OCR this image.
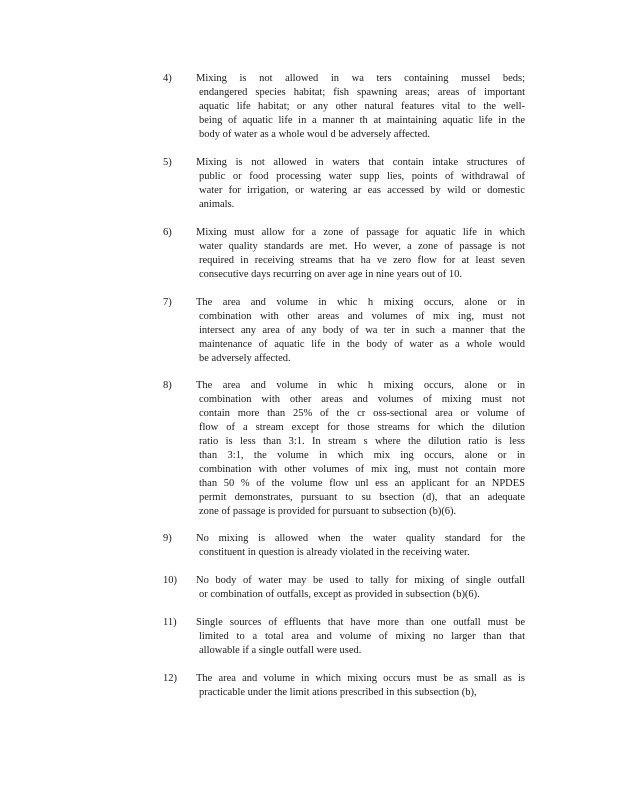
4) Mixing is not allowed in wa ters containing mussel beds;
endangered species habitat; fish spawning areas; areas of important
aquatic life habitat; or any other natural features vital to the well-
being of aquatic life in a manner th at maintaining aquatic life in the
body of water as a whole woul d be adversely affected.
5) Mixing is not allowed in waters that contain intake structures of
public or food processing water supp lies, points of withdrawal of
water for irrigation, or watering ar eas accessed by wild or domestic
animals.
6) Mixing must allow for a zone of passage for aquatic life in which
water quality standards are met. Ho wever, a zone of passage is not
required in receiving streams that ha ve zero flow for at least seven
consecutive days recurring on aver age in nine years out of 10.
7) The area and volume in whic h mixing occurs, alone or in
combination with other areas and volumes of mix ing, must not
intersect any area of any body of wa ter in such a manner that the
maintenance of aquatic life in the body of water as a whole would
be adversely affected.
8) The area and volume in whic h mixing occurs, alone or in
combination with other areas and volumes of mixing must not
contain more than 25% of the cr oss-sectional area or volume of
flow of a stream except for those streams for which the dilution
ratio is less than 3:1. In stream s where the dilution ratio is less
than 3:1, the volume in which mix ing occurs, alone or in
combination with other volumes of mix ing, must not contain more
than 50 % of the volume flow unl ess an applicant for an NPDES
permit demonstrates, pursuant to su bsection (d), that an adequate
zone of passage is provided for pursuant to subsection (b)(6).
9) No mixing is allowed when the water quality standard for the
constituent in question is already violated in the receiving water.
10) No body of water may be used to tally for mixing of single outfall
or combination of outfalls, except as provided in subsection (b)(6).
11) Single sources of effluents that have more than one outfall must be
limited to a total area and volume of mixing no larger than that
allowable if a single outfall were used.
12) The area and volume in which mixing occurs must be as small as is
practicable under the limit ations prescribed in this subsection (b),
